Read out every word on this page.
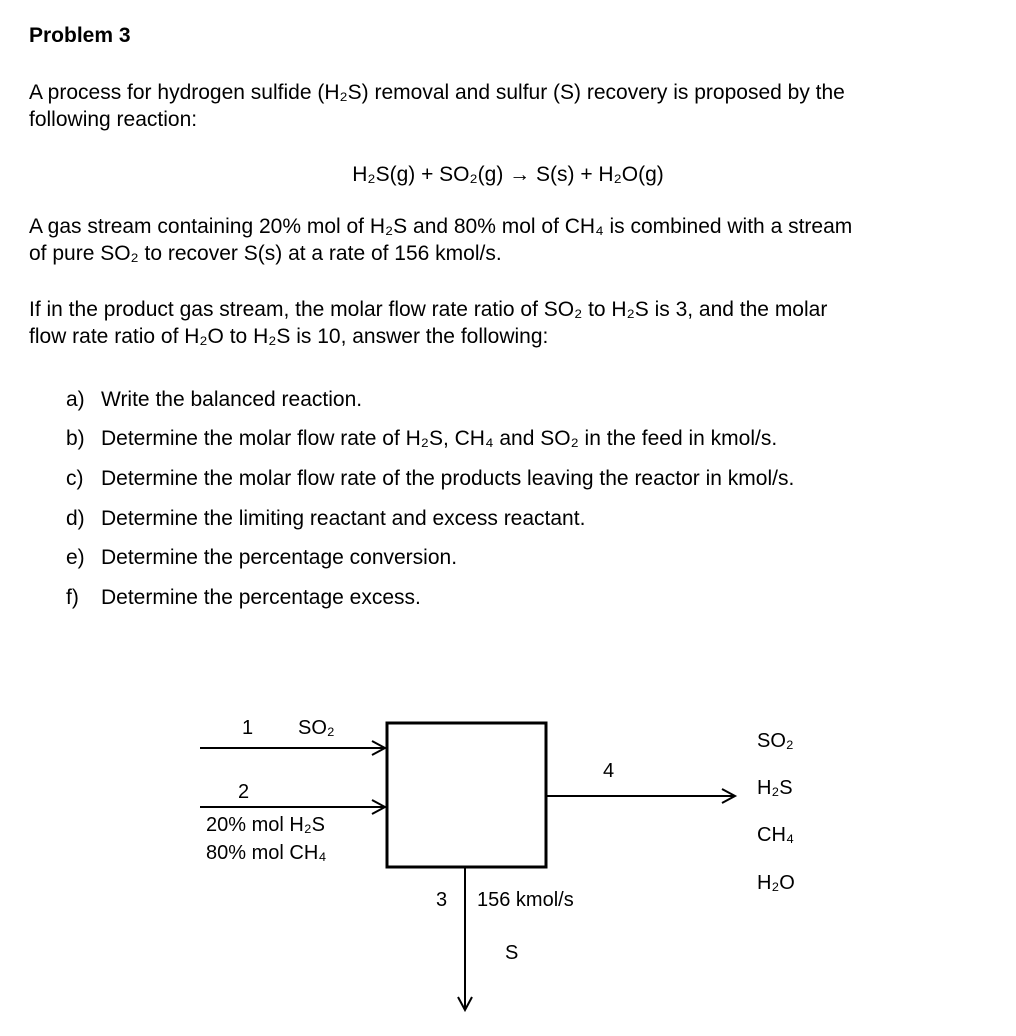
Problem 3
A process for hydrogen sulfide (H₂S) removal and sulfur (S) recovery is proposed by the
following reaction:
H₂S(g) + SO₂(g) → S(s) + H₂O(g)
A gas stream containing 20% mol of H₂S and 80% mol of CH₄ is combined with a stream
of pure SO₂ to recover S(s) at a rate of 156 kmol/s.
If in the product gas stream, the molar flow rate ratio of SO₂ to H₂S is 3, and the molar
flow rate ratio of H₂O to H₂S is 10, answer the following:
a) Write the balanced reaction.
b) Determine the molar flow rate of H₂S, CH₄ and SO₂ in the feed in kmol/s.
c) Determine the molar flow rate of the products leaving the reactor in kmol/s.
d) Determine the limiting reactant and excess reactant.
e) Determine the percentage conversion.
f)	Determine the percentage excess.
1 SO₂
2
20% mol H₂S
80% mol CH₄
4
3 156 kmol/s
S
SO₂
H₂S
CH₄
H₂O
